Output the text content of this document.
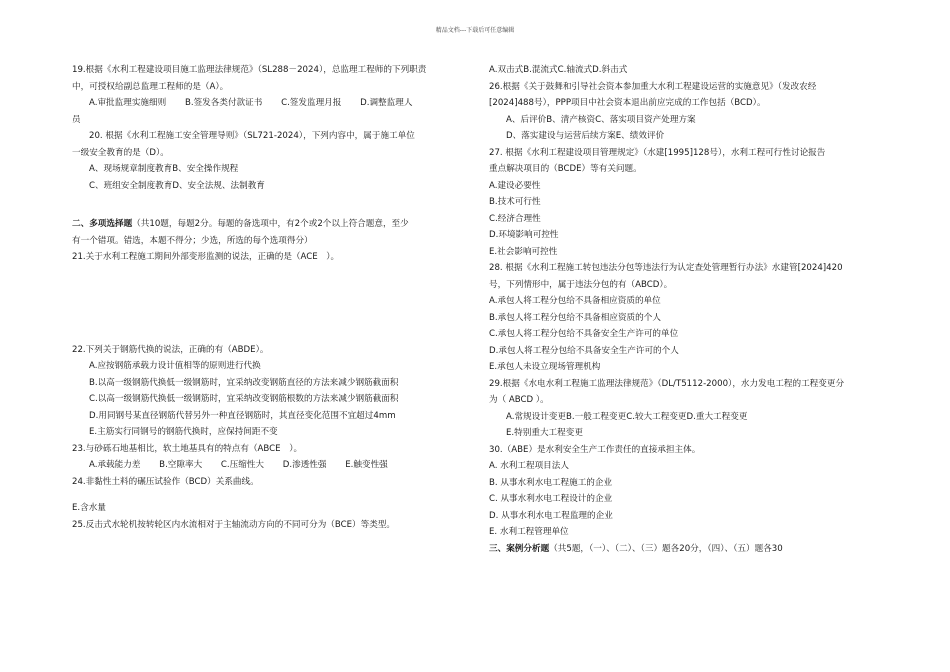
精品文档---下载后可任意编辑
19.根据《水利工程建设项目施工监理法律规范》（SL288－2024），总监理工程师的下列职责
中，可授权给副总监理工程师的是（A）。
A.审批监理实施细则 B.签发各类付款证书 C.签发监理月报 D.调整监理人
员
20. 根据《水利工程施工安全管理导则》（SL721-2024），下列内容中，属于施工单位
一级安全教育的是（D）。
A、现场规章制度教育B、安全操作规程
C、班组安全制度教育D、安全法规、法制教育
二、多项选择题（共10题，每题2分。每题的备选项中，有2个或2个以上符合题意，至少
有一个错项。错选，本题不得分；少选，所选的每个选项得分）
21.关于水利工程施工期间外部变形监测的说法，正确的是（ACE　）。
22.下列关于钢筋代换的说法，正确的有（ABDE）。
A.应按钢筋承载力设计值相等的原则进行代换
B.以高一级钢筋代换低一级钢筋时，宜采纳改变钢筋直径的方法来减少钢筋截面积
C.以高一级钢筋代换低一级钢筋时，宜采纳改变钢筋根数的方法来减少钢筋截面积
D.用同钢号某直径钢筋代替另外一种直径钢筋时，其直径变化范围不宜超过4mm
E.主筋实行同钢号的钢筋代换时，应保持间距不变
23.与砂砾石地基相比，软土地基具有的特点有（ABCE　）。
A.承载能力差 B.空隙率大 C.压缩性大 D.渗透性强 E.触变性强
24.非黏性土料的碾压试验作（BCD）关系曲线。
E.含水量
25.反击式水轮机按转轮区内水流相对于主轴流动方向的不同可分为（BCE）等类型。
A.双击式B.混流式C.轴流式D.斜击式
26.根据《关于鼓舞和引导社会资本参加重大水利工程建设运营的实施意见》（发改农经
[2024]488号），PPP项目中社会资本退出前应完成的工作包括（BCD）。
A、后评价B、清产核资C、落实项目资产处理方案
D、落实建设与运营后续方案E、绩效评价
27. 根据《水利工程建设项目管理规定》（水建[1995]128号），水利工程可行性讨论报告
重点解决项目的（BCDE）等有关问题。
A.建设必要性
B.技术可行性
C.经济合理性
D.环境影响可控性
E.社会影响可控性
28. 根据《水利工程施工转包违法分包等违法行为认定查处管理暂行办法》水建管[2024]420
号，下列情形中，属于违法分包的有（ABCD）。
A.承包人将工程分包给不具备相应资质的单位
B.承包人将工程分包给不具备相应资质的个人
C.承包人将工程分包给不具备安全生产许可的单位
D.承包人将工程分包给不具备安全生产许可的个人
E.承包人未设立现场管理机构
29.根据《水电水利工程施工监理法律规范》（DL/T5112-2000），水力发电工程的工程变更分
为（ ABCD ）。
A.常规设计变更B.一般工程变更C.较大工程变更D.重大工程变更
E.特别重大工程变更
30.（ABE）是水利安全生产工作责任的直接承担主体。
A. 水利工程项目法人
B. 从事水利水电工程施工的企业
C. 从事水利水电工程设计的企业
D. 从事水利水电工程监理的企业
E. 水利工程管理单位
三、案例分析题（共5题，（一）、（二）、（三）题各20分，（四）、（五）题各30
